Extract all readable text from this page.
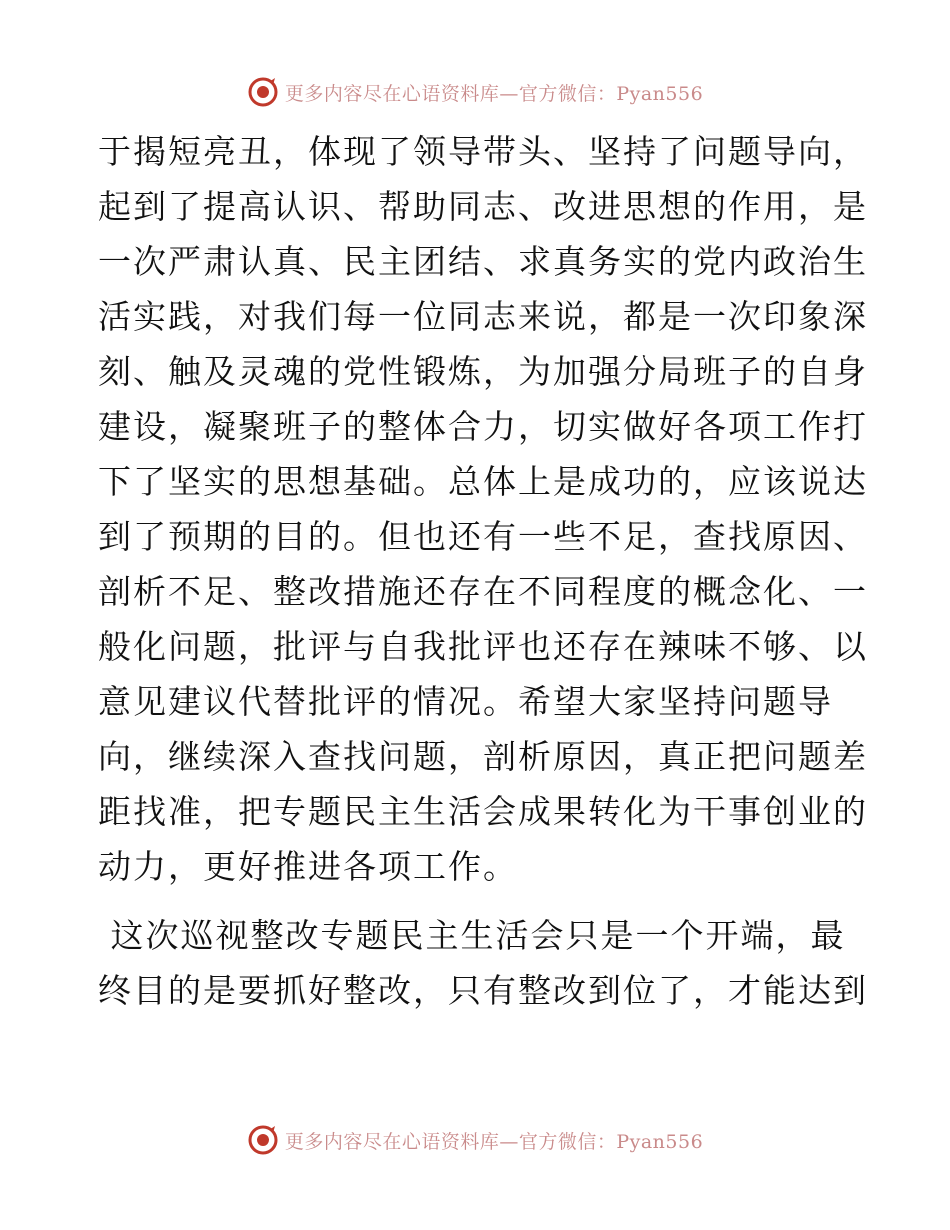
更多内容尽在心语资料库—官方微信：Pyan556
于揭短亮丑，体现了领导带头、坚持了问题导向，
起到了提高认识、帮助同志、改进思想的作用，是
一次严肃认真、民主团结、求真务实的党内政治生
活实践，对我们每一位同志来说，都是一次印象深
刻、触及灵魂的党性锻炼，为加强分局班子的自身
建设，凝聚班子的整体合力，切实做好各项工作打
下了坚实的思想基础。总体上是成功的，应该说达
到了预期的目的。但也还有一些不足，查找原因、
剖析不足、整改措施还存在不同程度的概念化、一
般化问题，批评与自我批评也还存在辣味不够、以
意见建议代替批评的情况。希望大家坚持问题导
向，继续深入查找问题，剖析原因，真正把问题差
距找准，把专题民主生活会成果转化为干事创业的
动力，更好推进各项工作。
这次巡视整改专题民主生活会只是一个开端，最
终目的是要抓好整改，只有整改到位了，才能达到
更多内容尽在心语资料库—官方微信：Pyan556
